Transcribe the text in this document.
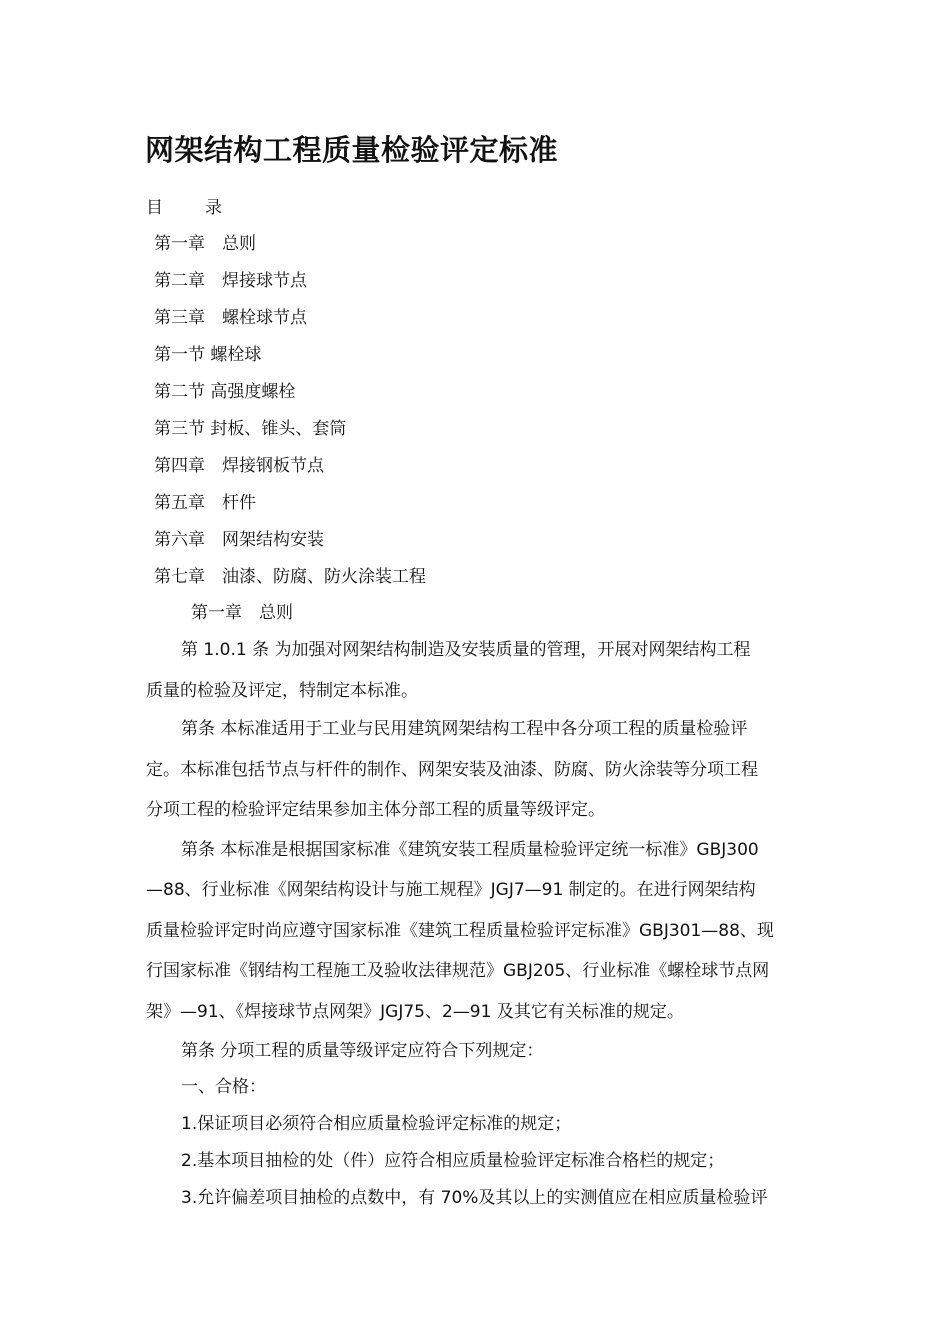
网架结构工程质量检验评定标准
目 录
第一章　总则
第二章　焊接球节点
第三章　螺栓球节点
第一节 螺栓球
第二节 高强度螺栓
第三节 封板、锥头、套筒
第四章　焊接钢板节点
第五章　杆件
第六章　网架结构安装
第七章　油漆、防腐、防火涂装工程
第一章　总则
第 1.0.1 条 为加强对网架结构制造及安装质量的管理，开展对网架结构工程
质量的检验及评定，特制定本标准。
第条 本标准适用于工业与民用建筑网架结构工程中各分项工程的质量检验评
定。本标准包括节点与杆件的制作、网架安装及油漆、防腐、防火涂装等分项工程
分项工程的检验评定结果参加主体分部工程的质量等级评定。
第条 本标准是根据国家标准《建筑安装工程质量检验评定统一标准》GBJ300
—88、行业标准《网架结构设计与施工规程》JGJ7—91 制定的。在进行网架结构
质量检验评定时尚应遵守国家标准《建筑工程质量检验评定标准》GBJ301—88、现
行国家标准《钢结构工程施工及验收法律规范》GBJ205、行业标准《螺栓球节点网
架》—91、《焊接球节点网架》JGJ75、2—91 及其它有关标准的规定。
第条 分项工程的质量等级评定应符合下列规定：
一、合格：
1.保证项目必须符合相应质量检验评定标准的规定；
2.基本项目抽检的处（件）应符合相应质量检验评定标准合格栏的规定；
3.允许偏差项目抽检的点数中，有 70%及其以上的实测值应在相应质量检验评
